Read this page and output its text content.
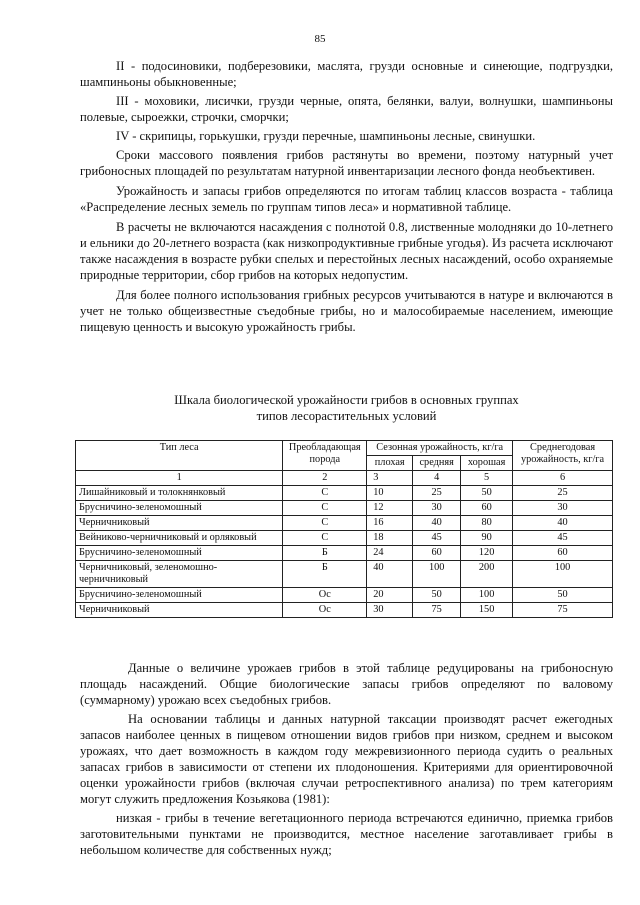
85

II - подосиновики, подберезовики, маслята, грузди основные и синеющие, подгруздки, шампиньоны обыкновенные;

III - моховики, лисички, грузди черные, опята, белянки, валуи, волнушки, шампиньоны полевые, сыроежки, строчки, сморчки;

IV - скрипицы, горькушки, грузди перечные, шампиньоны лесные, свинушки.

Сроки массового появления грибов растянуты во времени, поэтому натурный учет грибоносных площадей по результатам натурной инвентаризации лесного фонда необъективен.

Урожайность и запасы грибов определяются по итогам таблиц классов возраста - таблица «Распределение лесных земель по группам типов леса» и нормативной таблице.

В расчеты не включаются насаждения с полнотой 0.8, лиственные молодняки до 10-летнего и ельники до 20-летнего возраста (как низкопродуктивные грибные угодья). Из расчета исключают также насаждения в возрасте рубки спелых и перестойных лесных насаждений, особо охраняемые природные территории, сбор грибов на которых недопустим.

Для более полного использования грибных ресурсов учитываются в натуре и включаются в учет не только общеизвестные съедобные грибы, но и малособираемые населением, имеющие пищевую ценность и высокую урожайность грибы.

Шкала биологической урожайности грибов в основных группах
типов лесорастительных условий
Тип леса	Преобладающая порода	Сезонная урожайность, кг/га			Среднегодовая урожайность, кг/га
		плохая	средняя	хорошая	
1	2	3	4	5	6
Лишайниковый и толокнянковый	С	10	25	50	25
Брусничино-зеленомошный	С	12	30	60	30
Черничниковый	С	16	40	80	40
Вейниково-черничниковый и орляковый	С	18	45	90	45
Брусничино-зеленомошный	Б	24	60	120	60
Черничниковый, зеленомошно-черничниковый	Б	40	100	200	100
Брусничино-зеленомошный	Ос	20	50	100	50
Черничниковый	Ос	30	75	150	75

Данные о величине урожаев грибов в этой таблице редуцированы на грибоносную площадь насаждений. Общие биологические запасы грибов определяют по валовому (суммарному) урожаю всех съедобных грибов.

На основании таблицы и данных натурной таксации производят расчет ежегодных запасов наиболее ценных в пищевом отношении видов грибов при низком, среднем и высоком урожаях, что дает возможность в каждом году межревизионного периода судить о реальных запасах грибов в зависимости от степени их плодоношения. Критериями для ориентировочной оценки урожайности грибов (включая случаи ретроспективного анализа) по трем категориям могут служить предложения Козьякова (1981):

низкая - грибы в течение вегетационного периода встречаются единично, приемка грибов заготовительными пунктами не производится, местное население заготавливает грибы в небольшом количестве для собственных нужд;
